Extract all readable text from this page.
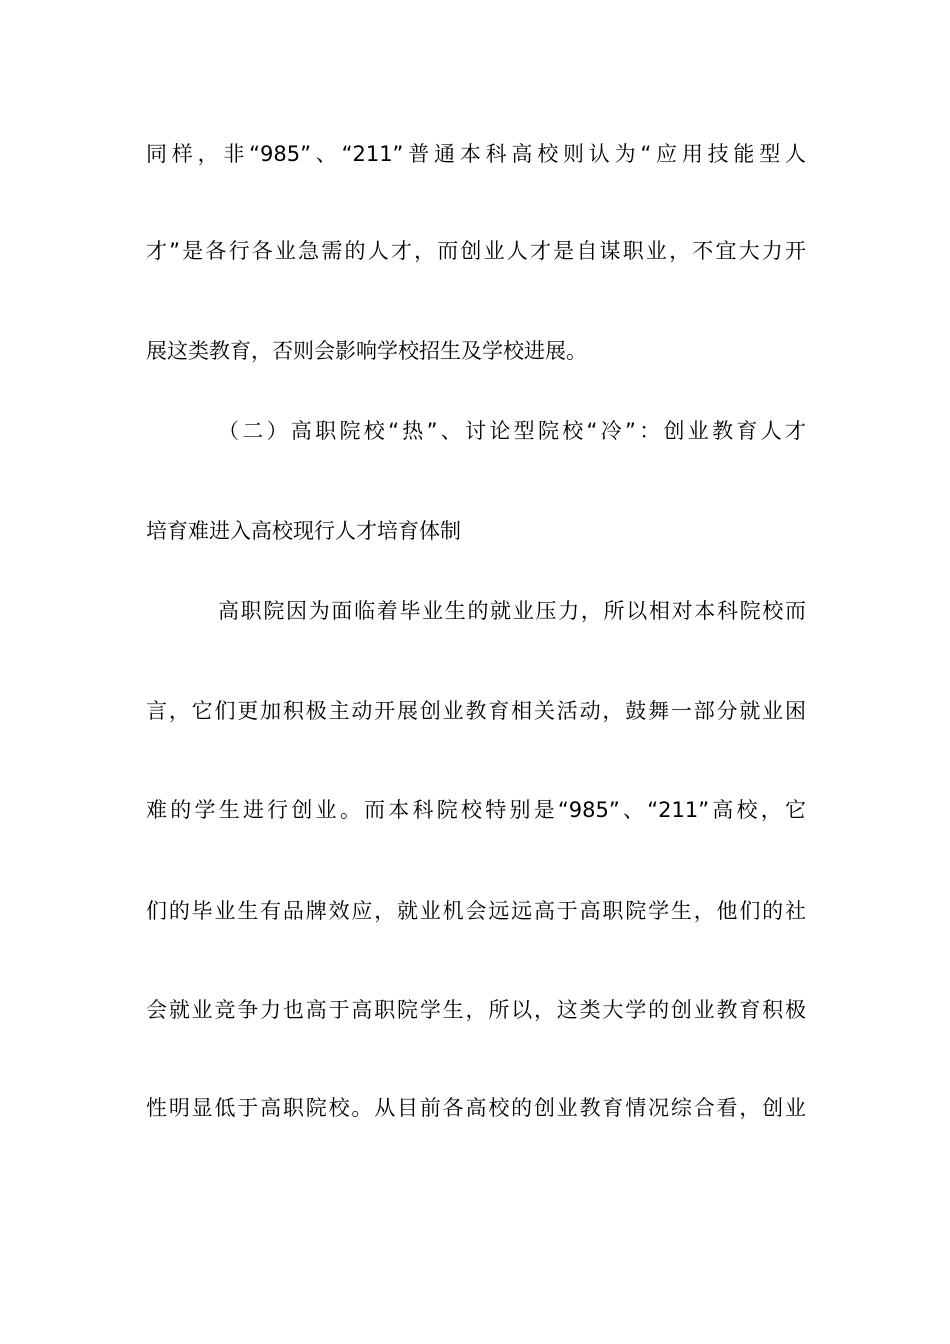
同样，非“985”、“211”普通本科高校则认为“应用技能型人
才”是各行各业急需的人才，而创业人才是自谋职业，不宜大力开
展这类教育，否则会影响学校招生及学校进展。
（二）高职院校“热”、讨论型院校“冷”：创业教育人才
培育难进入高校现行人才培育体制
高职院因为面临着毕业生的就业压力，所以相对本科院校而
言，它们更加积极主动开展创业教育相关活动，鼓舞一部分就业困
难的学生进行创业。而本科院校特别是“985”、“211”高校，它
们的毕业生有品牌效应，就业机会远远高于高职院学生，他们的社
会就业竞争力也高于高职院学生，所以，这类大学的创业教育积极
性明显低于高职院校。从目前各高校的创业教育情况综合看，创业
